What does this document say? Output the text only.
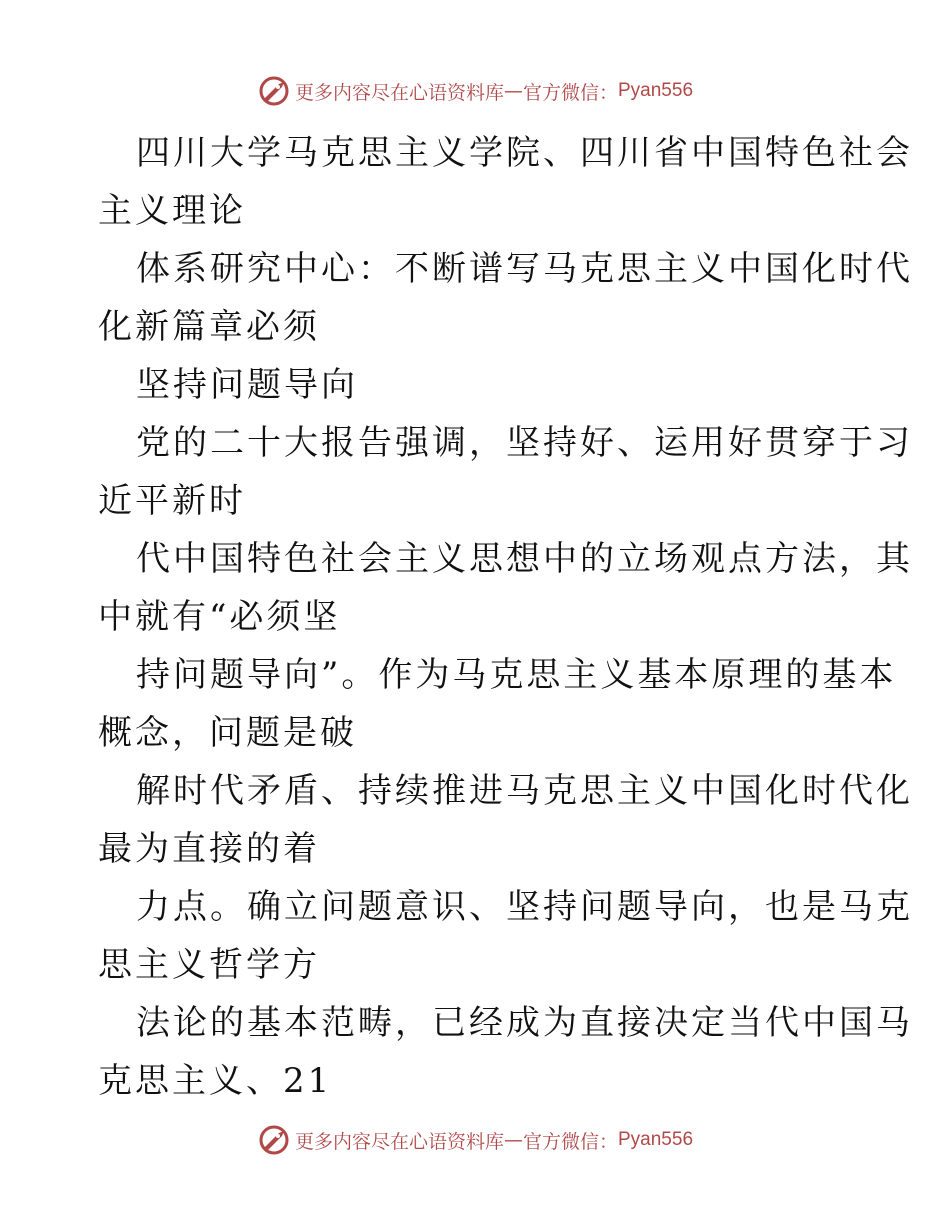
更多内容尽在心语资料库 — 官方微信： Pyan556

四川大学马克思主义学院、四川省中国特色社会

主义理论

体系研究中心：不断谱写马克思主义中国化时代

化新篇章必须

坚持问题导向

党的二十大报告强调，坚持好、运用好贯穿于习

近平新时

代中国特色社会主义思想中的立场观点方法，其

中就有“必须坚

持问题导向”。作为马克思主义基本原理的基本

概念，问题是破

解时代矛盾、持续推进马克思主义中国化时代化

最为直接的着

力点。确立问题意识、坚持问题导向，也是马克

思主义哲学方

法论的基本范畴，已经成为直接决定当代中国马

克思主义、21

更多内容尽在心语资料库 — 官方微信： Pyan556
